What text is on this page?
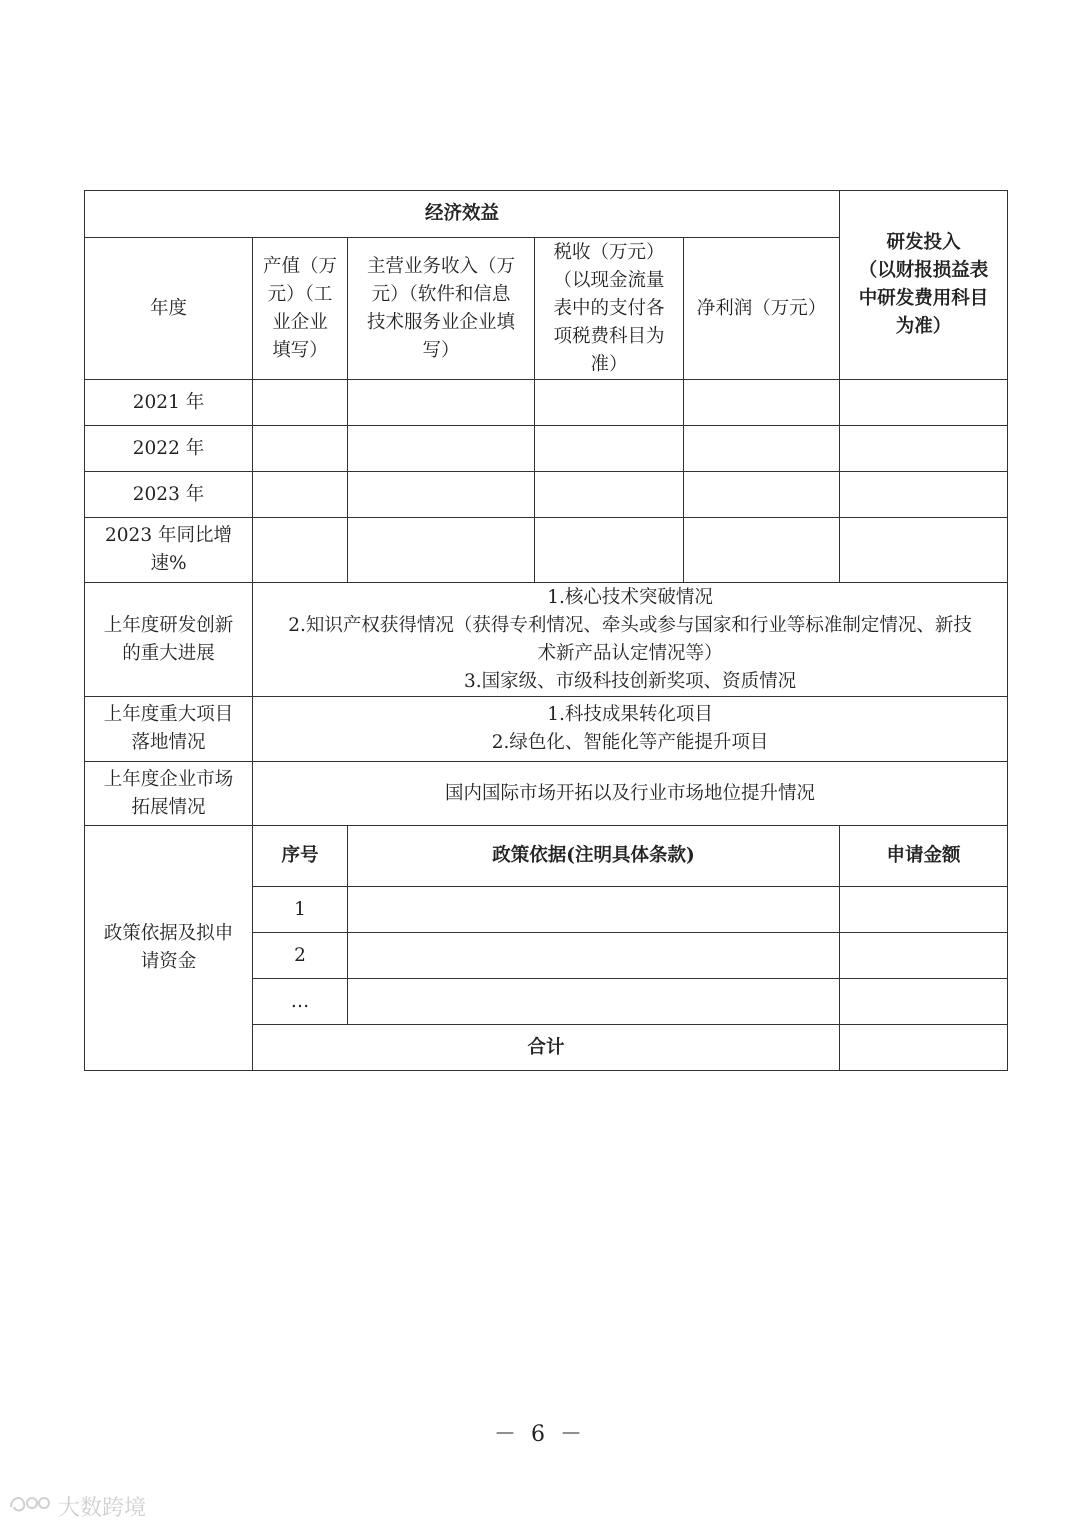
经济效益					研发投入
（以财报损益表
中研发费用科目
为准）

年度	产值（万
元）（工
业企业
填写）	主营业务收入（万
元）（软件和信息
技术服务业企业填
写）	税收（万元）
（以现金流量
表中的支付各
项税费科目为
准）	净利润（万元）	
2021 年					
2022 年					
2023 年					

2023 年同比增
速%					

上年度研发创新
的重大进展	1.核心技术突破情况
2.知识产权获得情况（获得专利情况、牵头或参与国家和行业等标准制定情况、新技
术新产品认定情况等）
3.国家级、市级科技创新奖项、资质情况				

上年度重大项目
落地情况	1.科技成果转化项目
2.绿色化、智能化等产能提升项目				

上年度企业市场
拓展情况	国内国际市场开拓以及行业市场地位提升情况				

政策依据及拟申
请资金	序号	政策依据(注明具体条款)			申请金额
	1				
	2				
	…				
	合计				
－ 6 －
大数跨境
